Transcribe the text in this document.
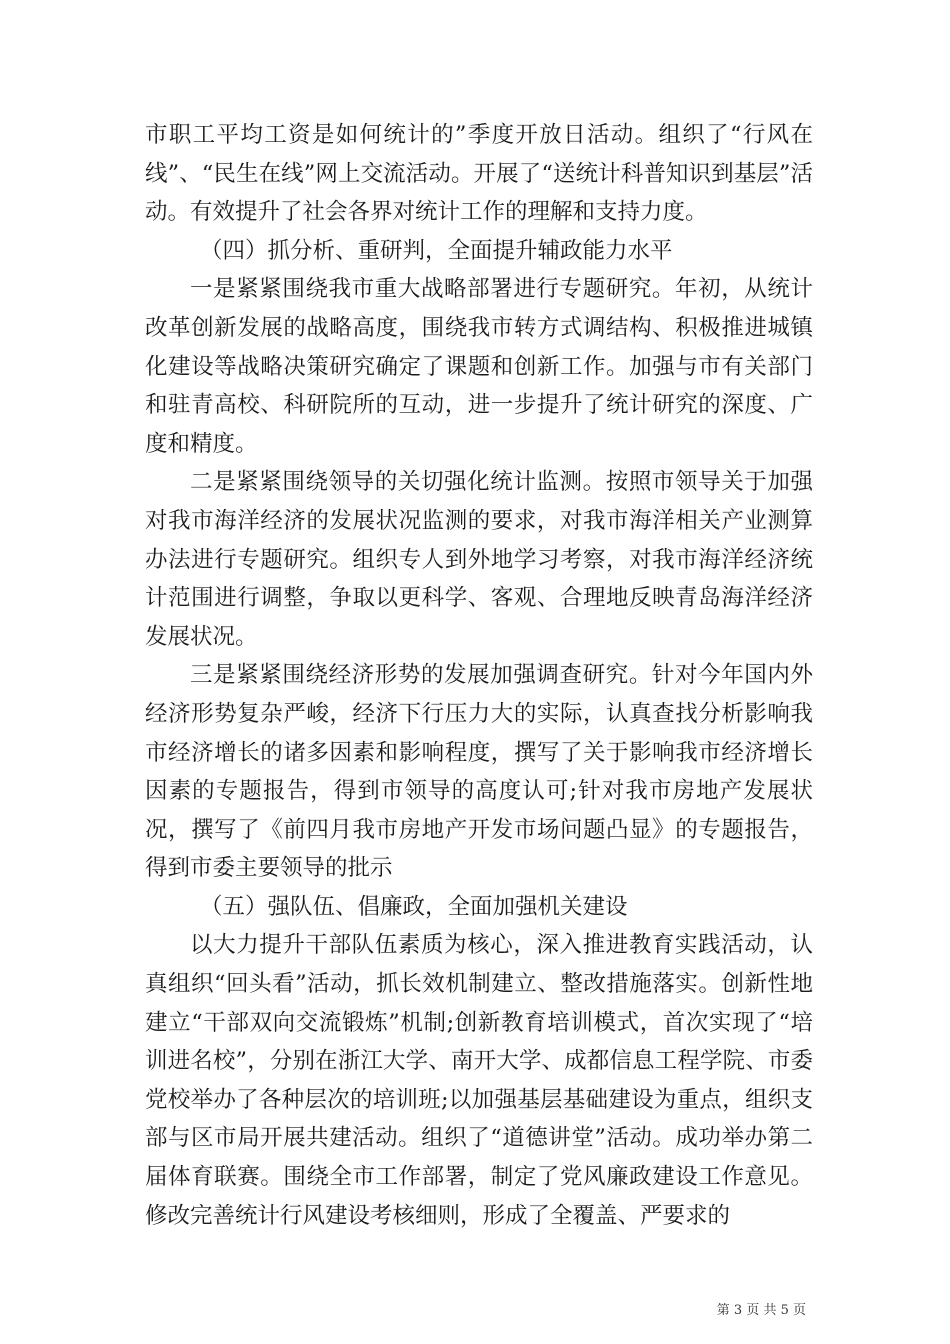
市职工平均工资是如何统计的”季度开放日活动。组织了“行风在线”、“民生在线”网上交流活动。开展了“送统计科普知识到基层”活动。有效提升了社会各界对统计工作的理解和支持力度。

（四）抓分析、重研判，全面提升辅政能力水平

一是紧紧围绕我市重大战略部署进行专题研究。年初，从统计改革创新发展的战略高度，围绕我市转方式调结构、积极推进城镇化建设等战略决策研究确定了课题和创新工作。加强与市有关部门和驻青高校、科研院所的互动，进一步提升了统计研究的深度、广度和精度。

二是紧紧围绕领导的关切强化统计监测。按照市领导关于加强对我市海洋经济的发展状况监测的要求，对我市海洋相关产业测算办法进行专题研究。组织专人到外地学习考察，对我市海洋经济统计范围进行调整，争取以更科学、客观、合理地反映青岛海洋经济发展状况。

三是紧紧围绕经济形势的发展加强调查研究。针对今年国内外经济形势复杂严峻，经济下行压力大的实际，认真查找分析影响我市经济增长的诸多因素和影响程度，撰写了关于影响我市经济增长因素的专题报告，得到市领导的高度认可;针对我市房地产发展状况，撰写了《前四月我市房地产开发市场问题凸显》的专题报告，得到市委主要领导的批示

（五）强队伍、倡廉政，全面加强机关建设

以大力提升干部队伍素质为核心，深入推进教育实践活动，认真组织“回头看”活动，抓长效机制建立、整改措施落实。创新性地建立“干部双向交流锻炼”机制;创新教育培训模式，首次实现了“培训进名校”，分别在浙江大学、南开大学、成都信息工程学院、市委党校举办了各种层次的培训班;以加强基层基础建设为重点，组织支部与区市局开展共建活动。组织了“道德讲堂”活动。成功举办第二届体育联赛。围绕全市工作部署，制定了党风廉政建设工作意见。修改完善统计行风建设考核细则，形成了全覆盖、严要求的

第 3 页 共 5 页
